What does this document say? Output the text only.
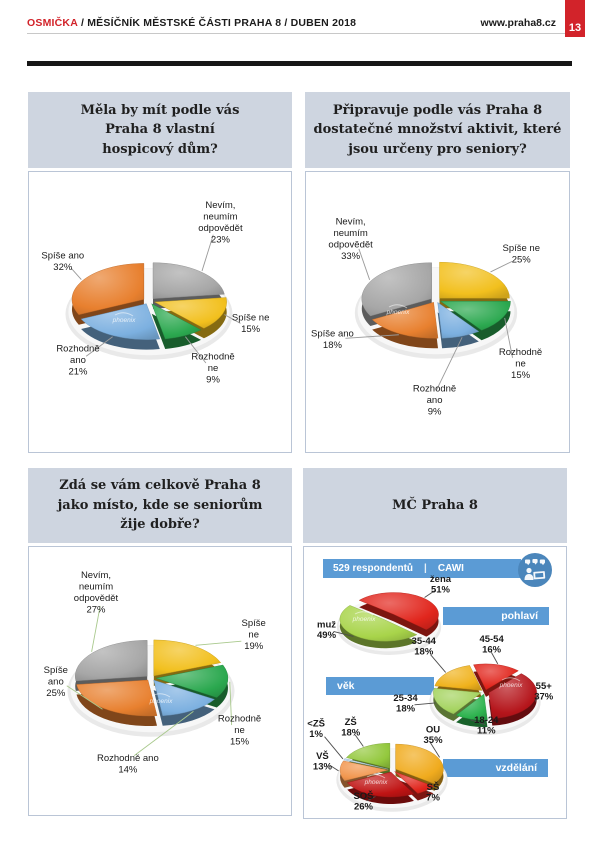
OSMIČKA / MĚSÍČNÍK MĚSTSKÉ ČÁSTI PRAHA 8 / DUBEN 2018	www.praha8.cz 13
Měla by mít podle vás
Praha 8 vlastní
hospicový dům?
Nevím, neumím odpovědět 23%
Spíše ne 15%
Rozhodně ne 9%
Rozhodně ano 21%
Spíše ano 32%
phoenix
Připravuje podle vás Praha 8
dostatečné množství aktivit, které
jsou určeny pro seniory?
Spíše ne 25%
Rozhodně ne 15%
Rozhodně ano 9%
Spíše ano 18%
Nevím, neumím odpovědět 33%
phoenix
Zdá se vám celkově Praha 8
jako místo, kde se seniorům
žije dobře?
Spíše ne 19%
Rozhodně ne 15%
Rozhodně ano 14%
Spíše ano 25%
Nevím, neumím odpovědět 27%
phoenix
MČ Praha 8
529 respondentů | CAWI
pohlaví
věk
vzdělání
žena 51%
muž 49%
phoenix
45-54 16%
55+ 37%
18-24 11%
25-34 18%
35-44 18%
phoenix
OU 35%
SŠ 7%
SOŠ 26%
VŠ 13%
<ZŠ 1%
ZŠ 18%
phoenix
